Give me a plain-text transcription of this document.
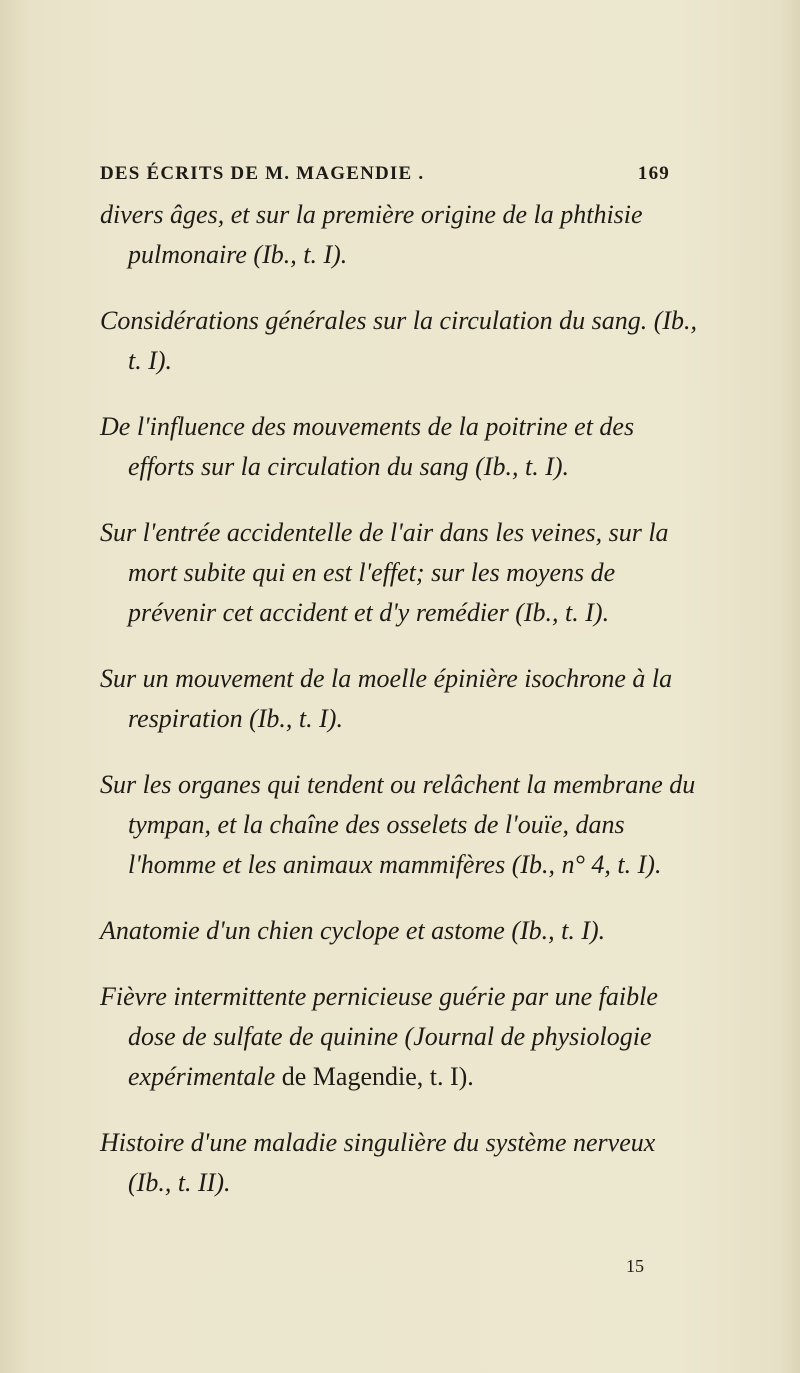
DES ÉCRITS DE M. MAGENDIE .	169

divers âges, et sur la première origine de la phthisie pulmonaire (Ib., t. I).

Considérations générales sur la circulation du sang. (Ib., t. I).

De l'influence des mouvements de la poitrine et des efforts sur la circulation du sang (Ib., t. I).

Sur l'entrée accidentelle de l'air dans les veines, sur la mort subite qui en est l'effet; sur les moyens de prévenir cet accident et d'y remédier (Ib., t. I).

Sur un mouvement de la moelle épinière isochrone à la respiration (Ib., t. I).

Sur les organes qui tendent ou relâchent la membrane du tympan, et la chaîne des osselets de l'ouïe, dans l'homme et les animaux mammifères (Ib., n° 4, t. I).

Anatomie d'un chien cyclope et astome (Ib., t. I).

Fièvre intermittente pernicieuse guérie par une faible dose de sulfate de quinine (Journal de physiologie expérimentale de Magendie, t. I).

Histoire d'une maladie singulière du système nerveux (Ib., t. II).

15
